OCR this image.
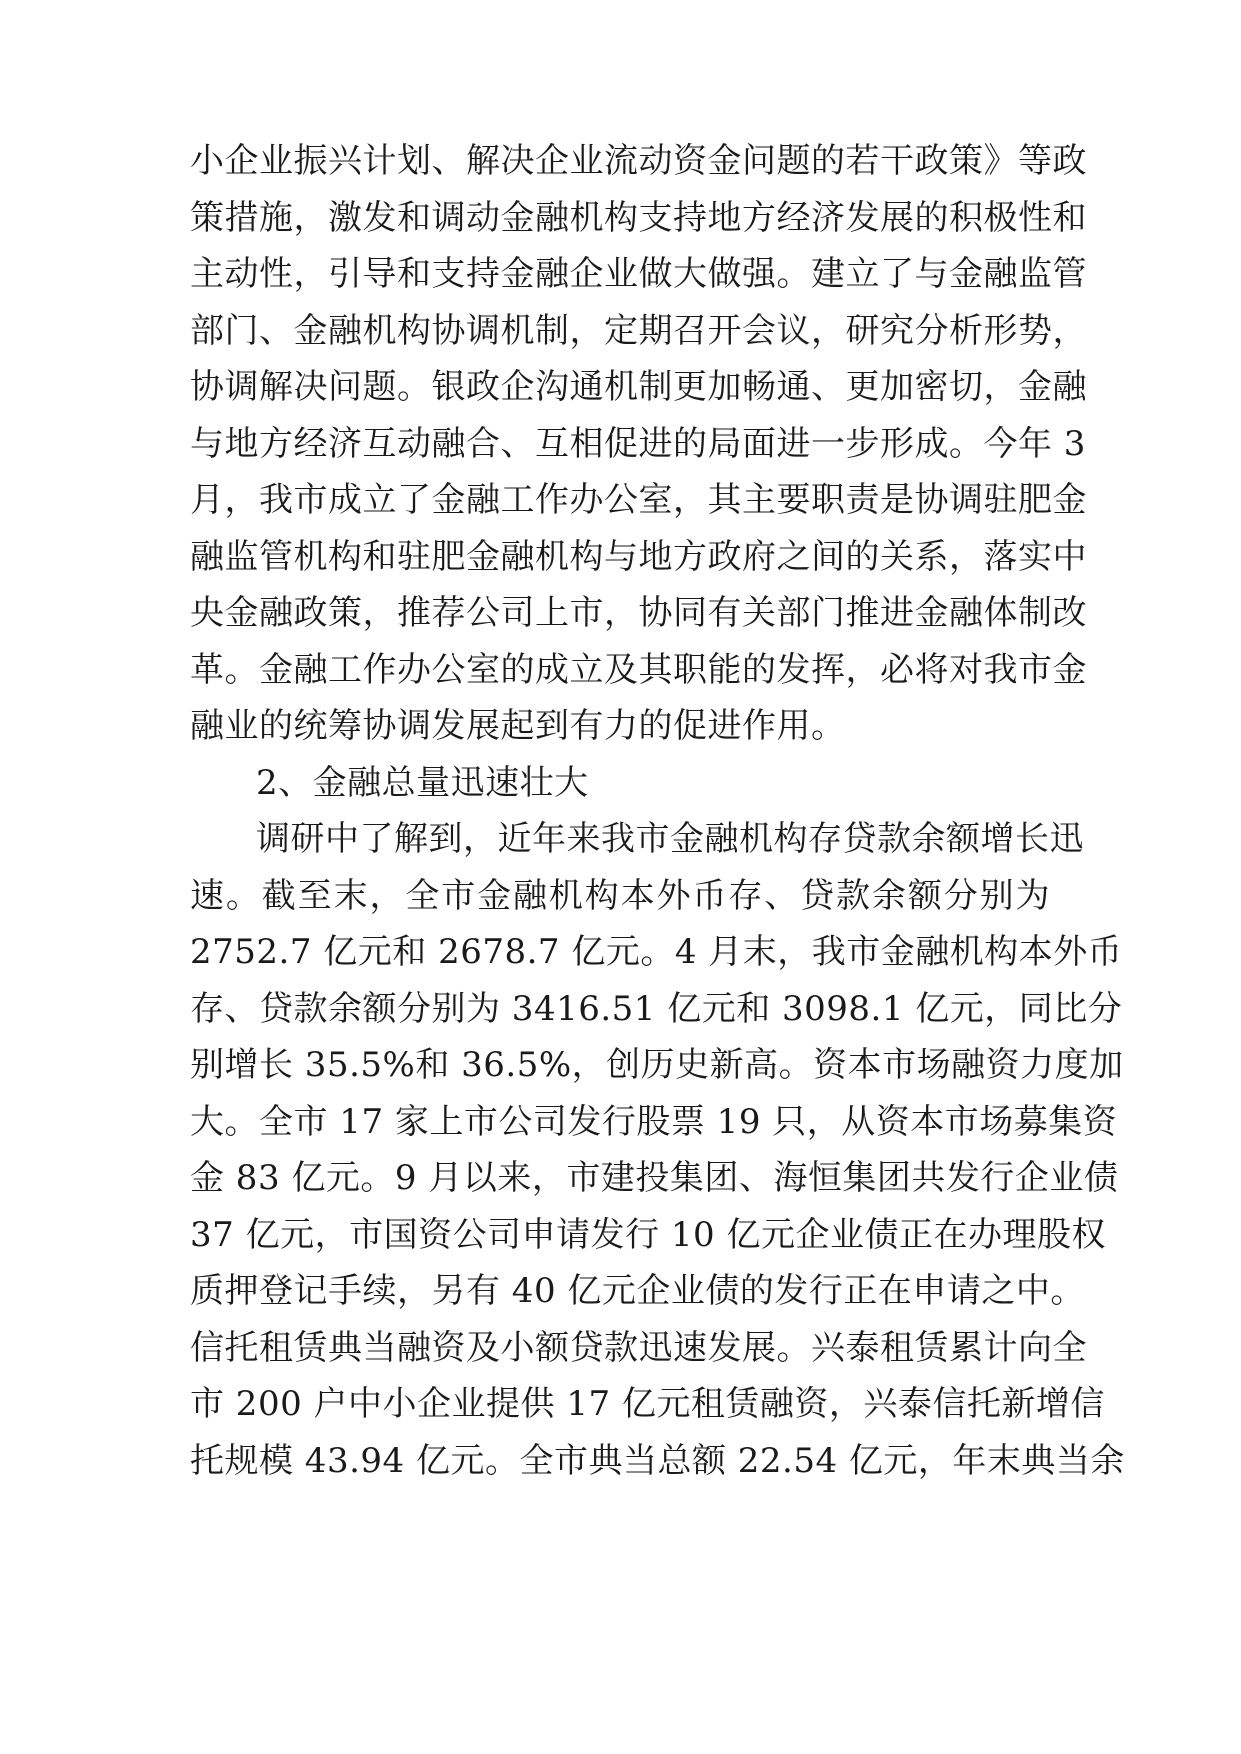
小企业振兴计划、解决企业流动资金问题的若干政策》等政
策措施，激发和调动金融机构支持地方经济发展的积极性和
主动性，引导和支持金融企业做大做强。建立了与金融监管
部门、金融机构协调机制，定期召开会议，研究分析形势，
协调解决问题。银政企沟通机制更加畅通、更加密切，金融
与地方经济互动融合、互相促进的局面进一步形成。今年 3
月，我市成立了金融工作办公室，其主要职责是协调驻肥金
融监管机构和驻肥金融机构与地方政府之间的关系，落实中
央金融政策，推荐公司上市，协同有关部门推进金融体制改
革。金融工作办公室的成立及其职能的发挥，必将对我市金
融业的统筹协调发展起到有力的促进作用。
2、金融总量迅速壮大
调研中了解到，近年来我市金融机构存贷款余额增长迅
速。截至末，全市金融机构本外币存、贷款余额分别为
2752.7 亿元和 2678.7 亿元。4 月末，我市金融机构本外币
存、贷款余额分别为 3416.51 亿元和 3098.1 亿元，同比分
别增长 35.5%和 36.5%，创历史新高。资本市场融资力度加
大。全市 17 家上市公司发行股票 19 只，从资本市场募集资
金 83 亿元。9 月以来，市建投集团、海恒集团共发行企业债
37 亿元，市国资公司申请发行 10 亿元企业债正在办理股权
质押登记手续，另有 40 亿元企业债的发行正在申请之中。
信托租赁典当融资及小额贷款迅速发展。兴泰租赁累计向全
市 200 户中小企业提供 17 亿元租赁融资，兴泰信托新增信
托规模 43.94 亿元。全市典当总额 22.54 亿元，年末典当余
